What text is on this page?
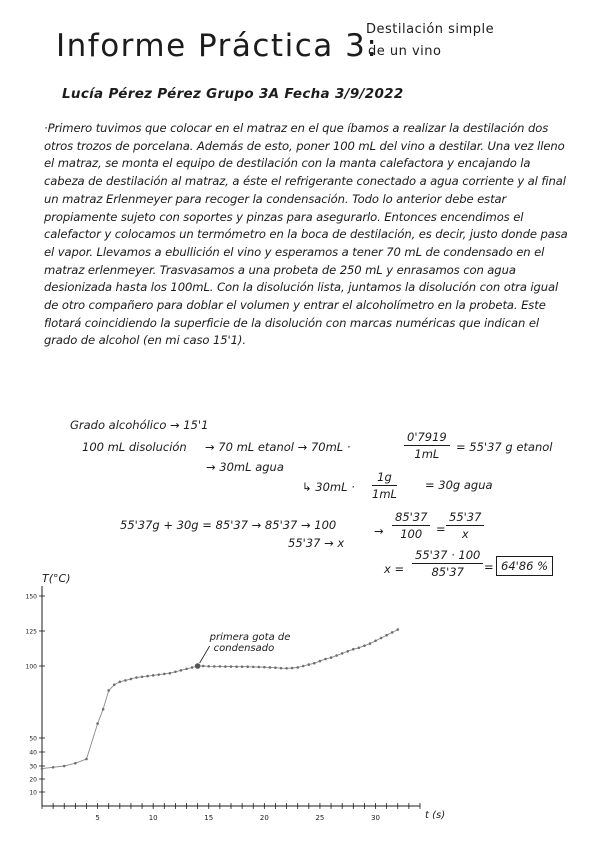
Informe Práctica 3:
Destilación simple
de un vino
Lucía Pérez Pérez Grupo 3A Fecha 3/9/2022
·Primero tuvimos que colocar en el matraz en el que íbamos a realizar la destilación dos otros trozos de porcelana. Además de esto, poner 100 mL del vino a destilar. Una vez lleno el matraz, se monta el equipo de destilación con la manta calefactora y encajando la cabeza de destilación al matraz, a éste el refrigerante conectado a agua corriente y al final un matraz Erlenmeyer para recoger la condensación. Todo lo anterior debe estar propiamente sujeto con soportes y pinzas para asegurarlo. Entonces encendimos el calefactor y colocamos un termómetro en la boca de destilación, es decir, justo donde pasa el vapor. Llevamos a ebullición el vino y esperamos a tener 70 mL de condensado en el matraz erlenmeyer. Trasvasamos a una probeta de 250 mL y enrasamos con agua desionizada hasta los 100mL. Con la disolución lista, juntamos la disolución con otra igual de otro compañero para doblar el volumen y entrar el alcoholímetro en la probeta. Este flotará coincidiendo la superficie de la disolución con marcas numéricas que indican el grado de alcohol (en mi caso 15'1).
Grado alcohólico → 15'1
100 mL disolución → 70 mL etanol → 70mL ·	$\frac{0'7919}{1mL} = 55'37$ g etanol
→ 30mL agua
↳ $30mL \cdot \frac{1g}{1mL} = 30g$ agua
55'37g + 30g = 85'37 → 85'37 → 100
55'37 → x
→ $\frac{85'37}{100} = \frac{55'37}{x}$
$x = \frac{55'37 \cdot 100}{85'37} = 64'86$ %
5	10	15	20	25	30
150
125
100
50
40
30
20
10
T(°C)
t (s)
primera gota de condensado
